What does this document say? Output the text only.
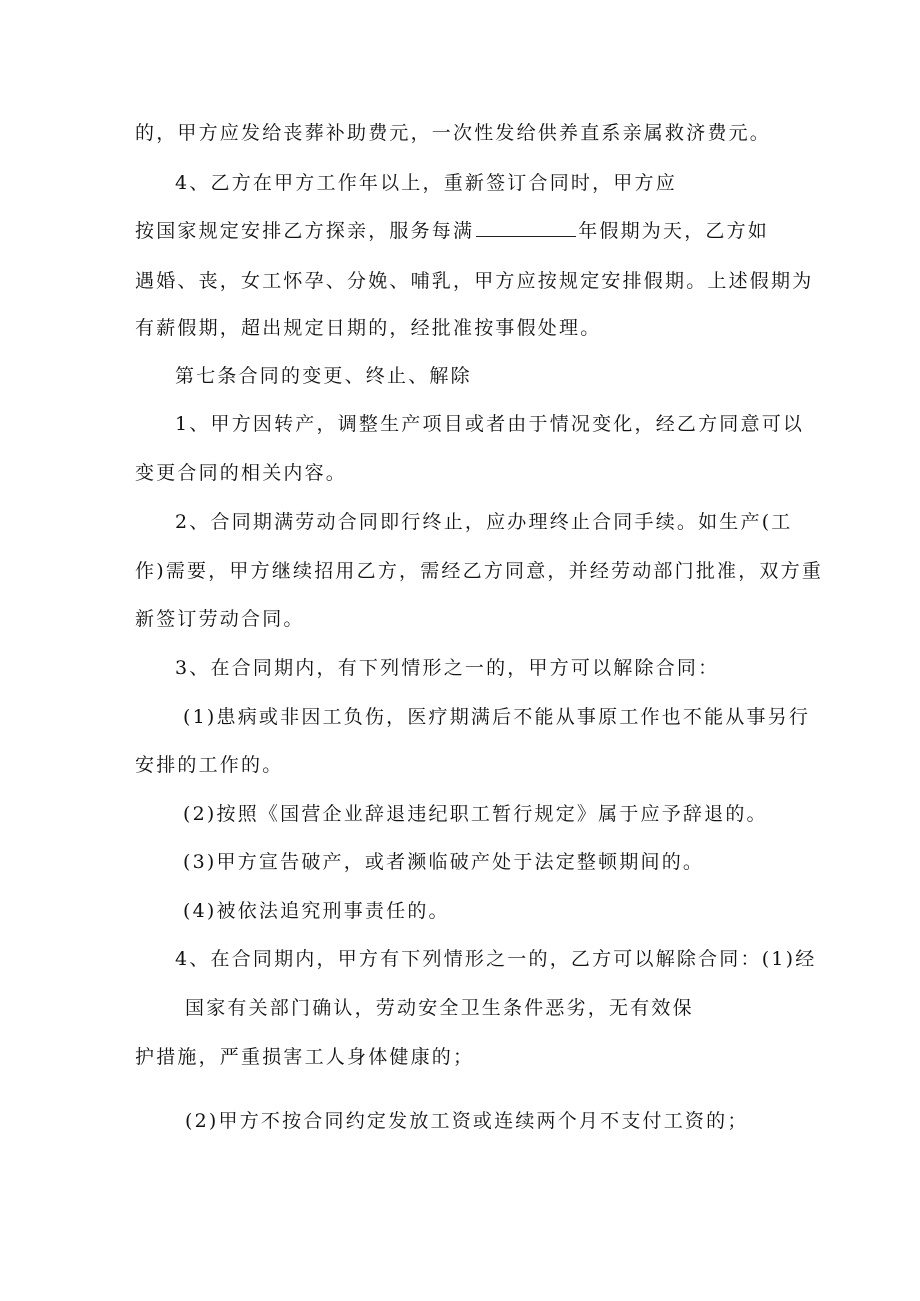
的，甲方应发给丧葬补助费元，一次性发给供养直系亲属救济费元。

4、乙方在甲方工作年以上，重新签订合同时，甲方应

按国家规定安排乙方探亲，服务每满	年假期为天，乙方如

遇婚、丧，女工怀孕、分娩、哺乳，甲方应按规定安排假期。上述假期为

有薪假期，超出规定日期的，经批准按事假处理。

第七条合同的变更、终止、解除

1、甲方因转产，调整生产项目或者由于情况变化，经乙方同意可以

变更合同的相关内容。

2、合同期满劳动合同即行终止，应办理终止合同手续。如生产(工

作)需要，甲方继续招用乙方，需经乙方同意，并经劳动部门批准，双方重

新签订劳动合同。

3、在合同期内，有下列情形之一的，甲方可以解除合同：

(1)患病或非因工负伤，医疗期满后不能从事原工作也不能从事另行

安排的工作的。

(2)按照《国营企业辞退违纪职工暂行规定》属于应予辞退的。

(3)甲方宣告破产，或者濒临破产处于法定整顿期间的。

(4)被依法追究刑事责任的。

4、在合同期内，甲方有下列情形之一的，乙方可以解除合同：(1)经

国家有关部门确认，劳动安全卫生条件恶劣，无有效保

护措施，严重损害工人身体健康的；

(2)甲方不按合同约定发放工资或连续两个月不支付工资的；
